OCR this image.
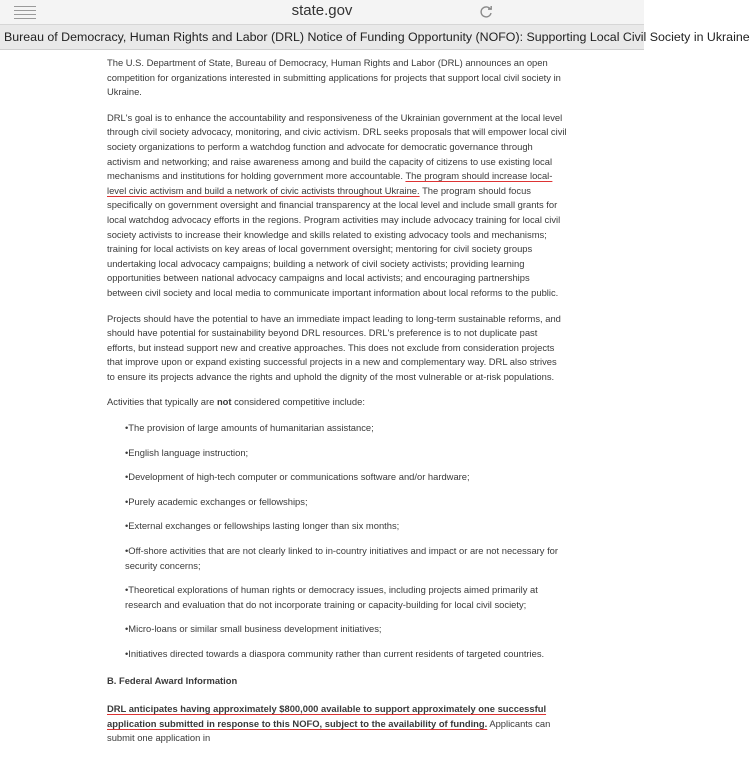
state.gov
Bureau of Democracy, Human Rights and Labor (DRL) Notice of Funding Opportunity (NOFO): Supporting Local Civil Society in Ukraine

The U.S. Department of State, Bureau of Democracy, Human Rights and Labor (DRL) announces an open competition for organizations interested in submitting applications for projects that support local civil society in Ukraine.

DRL's goal is to enhance the accountability and responsiveness of the Ukrainian government at the local level through civil society advocacy, monitoring, and civic activism. DRL seeks proposals that will empower local civil society organizations to perform a watchdog function and advocate for democratic governance through activism and networking; and raise awareness among and build the capacity of citizens to use existing local mechanisms and institutions for holding government more accountable. The program should increase local-level civic activism and build a network of civic activists throughout Ukraine. The program should focus specifically on government oversight and financial transparency at the local level and include small grants for local watchdog advocacy efforts in the regions. Program activities may include advocacy training for local civil society activists to increase their knowledge and skills related to existing advocacy tools and mechanisms; training for local activists on key areas of local government oversight; mentoring for civil society groups undertaking local advocacy campaigns; building a network of civil society activists; providing learning opportunities between national advocacy campaigns and local activists; and encouraging partnerships between civil society and local media to communicate important information about local reforms to the public.

Projects should have the potential to have an immediate impact leading to long-term sustainable reforms, and should have potential for sustainability beyond DRL resources. DRL's preference is to not duplicate past efforts, but instead support new and creative approaches. This does not exclude from consideration projects that improve upon or expand existing successful projects in a new and complementary way. DRL also strives to ensure its projects advance the rights and uphold the dignity of the most vulnerable or at-risk populations.

Activities that typically are not considered competitive include:

• The provision of large amounts of humanitarian assistance;
• English language instruction;
• Development of high-tech computer or communications software and/or hardware;
• Purely academic exchanges or fellowships;
• External exchanges or fellowships lasting longer than six months;
• Off-shore activities that are not clearly linked to in-country initiatives and impact or are not necessary for security concerns;
• Theoretical explorations of human rights or democracy issues, including projects aimed primarily at research and evaluation that do not incorporate training or capacity-building for local civil society;
• Micro-loans or similar small business development initiatives;
• Initiatives directed towards a diaspora community rather than current residents of targeted countries.
B. Federal Award Information

DRL anticipates having approximately $800,000 available to support approximately one successful application submitted in response to this NOFO, subject to the availability of funding. Applicants can submit one application in
